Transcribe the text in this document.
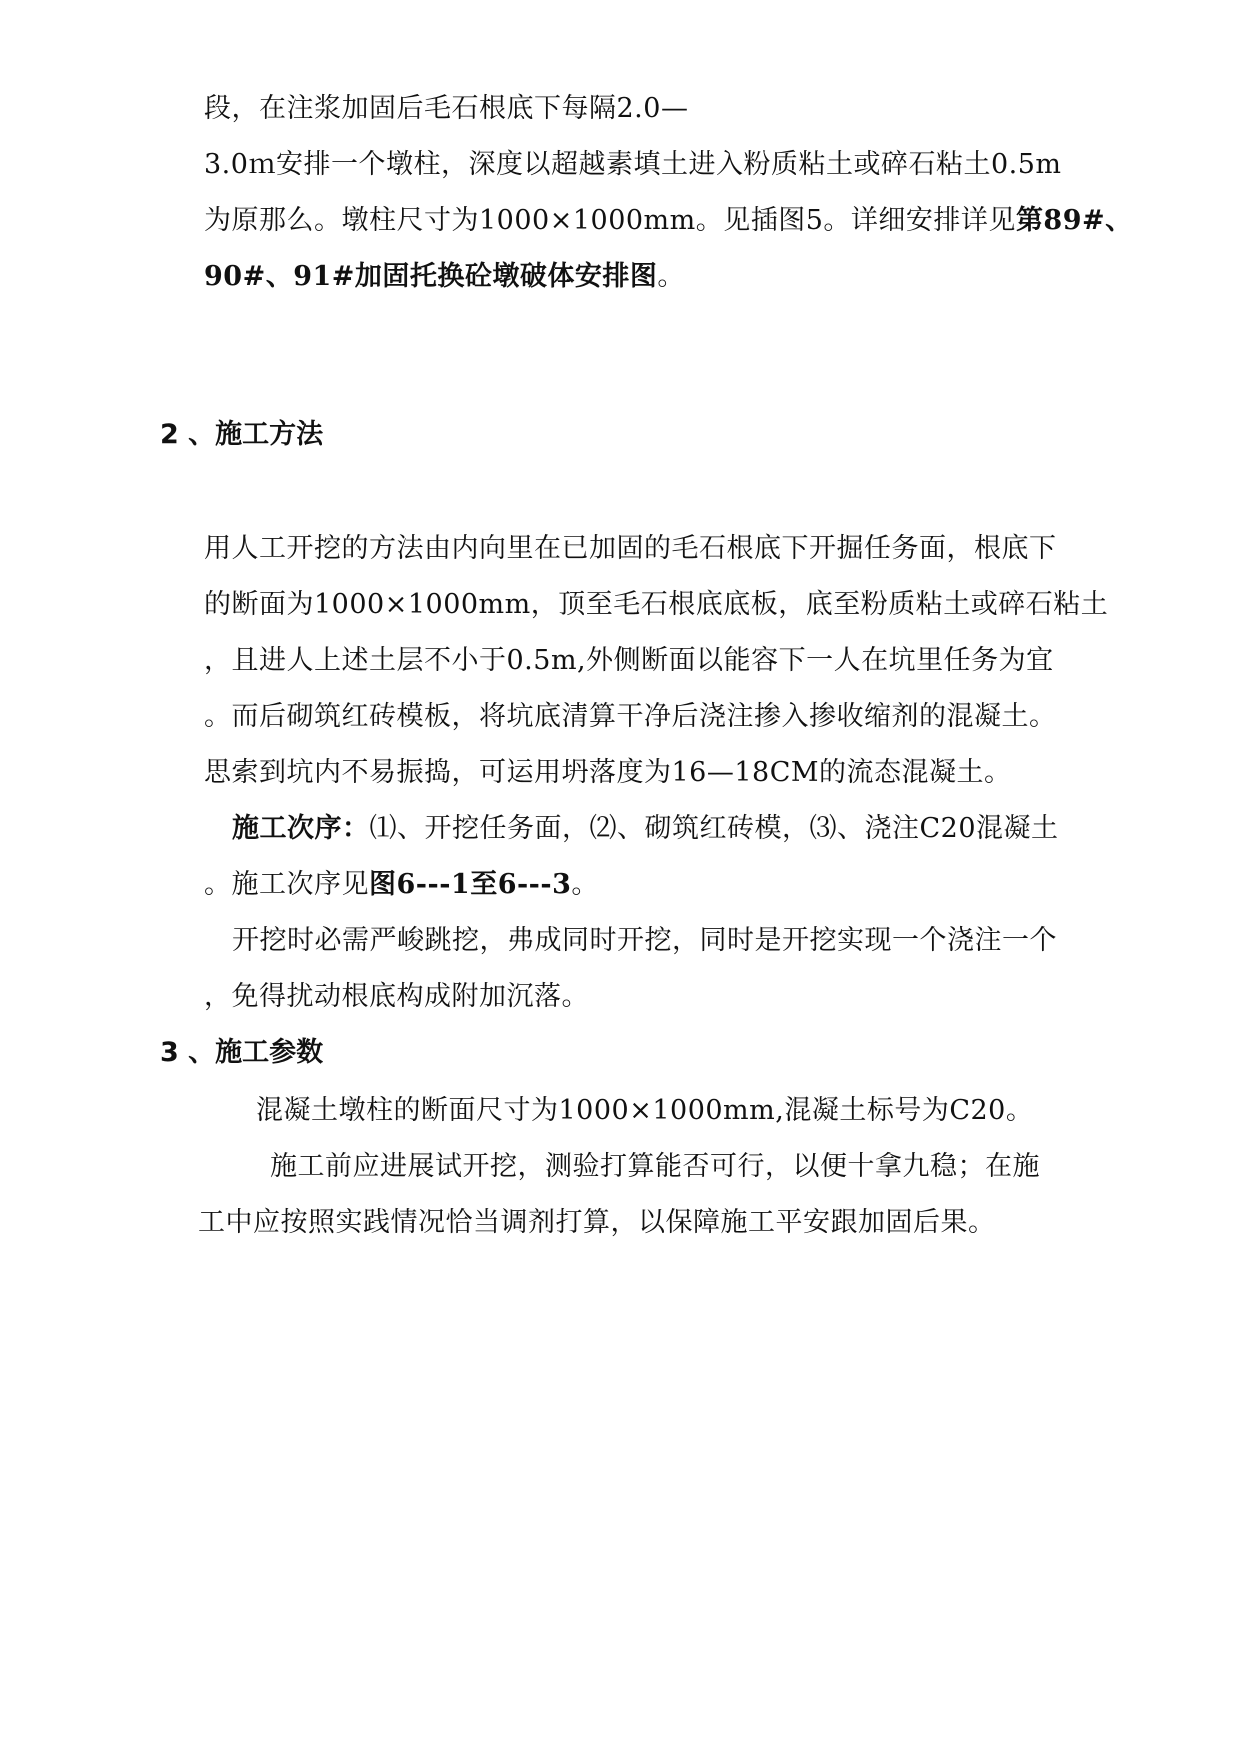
段，在注浆加固后毛石根底下每隔2.0—
3.0ｍ安排一个墩柱，深度以超越素填土进入粉质粘土或碎石粘土0.5m
为原那么。墩柱尺寸为1000×1000mm。见插图5。详细安排详见第89#、
90#、91#加固托换砼墩破体安排图。
2 、施工方法
用人工开挖的方法由内向里在已加固的毛石根底下开掘任务面，根底下
的断面为1000×1000mm，顶至毛石根底底板，底至粉质粘土或碎石粘土
，且进人上述土层不小于0.5m,外侧断面以能容下一人在坑里任务为宜
。而后砌筑红砖模板，将坑底清算干净后浇注掺入掺收缩剂的混凝土。
思索到坑内不易振捣，可运用坍落度为16—18CM的流态混凝土。
施工次序：⑴、开挖任务面，⑵、砌筑红砖模，⑶、浇注C20混凝土
。施工次序见图6---1至6---3。
开挖时必需严峻跳挖，弗成同时开挖，同时是开挖实现一个浇注一个
，免得扰动根底构成附加沉落。
3 、施工参数
混凝土墩柱的断面尺寸为1000×1000mm,混凝土标号为C20。
施工前应进展试开挖，测验打算能否可行，以便十拿九稳；在施
工中应按照实践情况恰当调剂打算，以保障施工平安跟加固后果。
